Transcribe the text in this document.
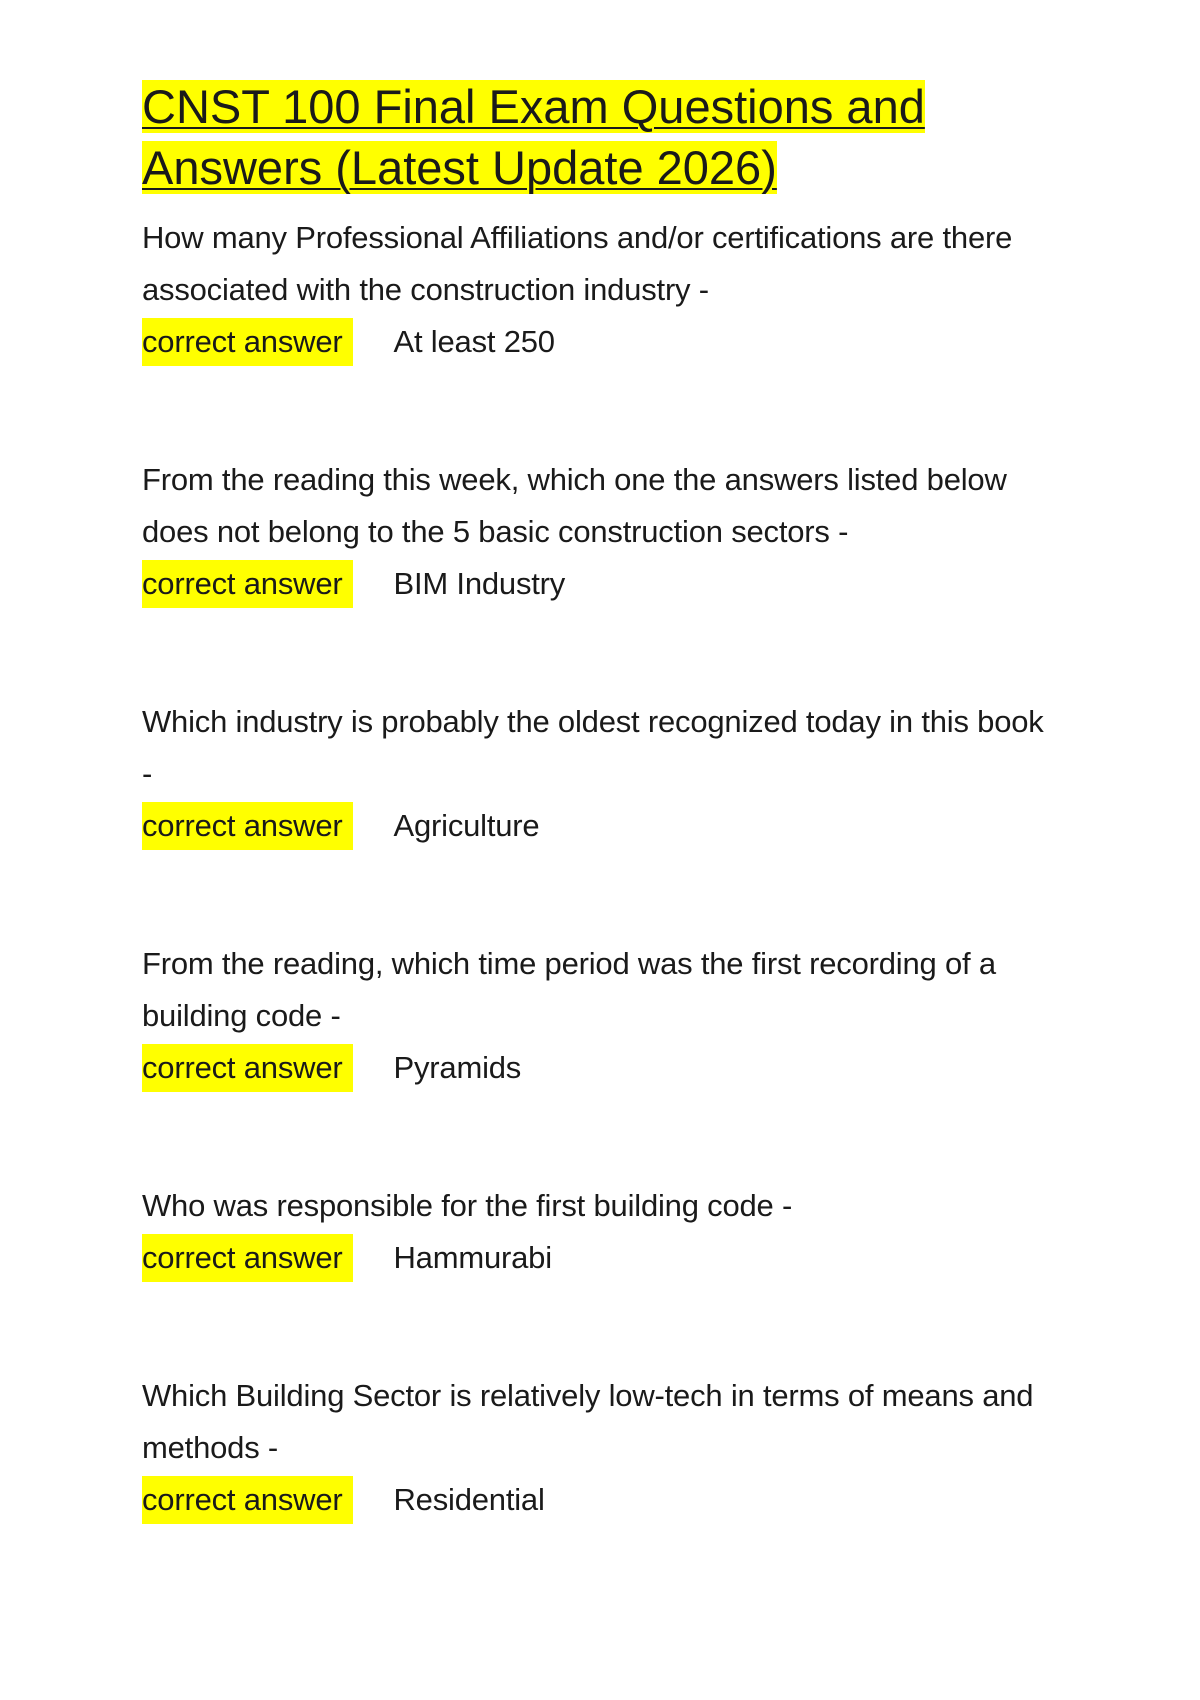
CNST 100 Final Exam Questions and Answers (Latest Update 2026)
How many Professional Affiliations and/or certifications are there associated with the construction industry -
correct answer	At least 250
From the reading this week, which one the answers listed below does not belong to the 5 basic construction sectors -
correct answer	BIM Industry
Which industry is probably the oldest recognized today in this book -
correct answer	Agriculture
From the reading, which time period was the first recording of a building code -
correct answer	Pyramids
Who was responsible for the first building code -
correct answer	Hammurabi
Which Building Sector is relatively low-tech in terms of means and methods -
correct answer	Residential
